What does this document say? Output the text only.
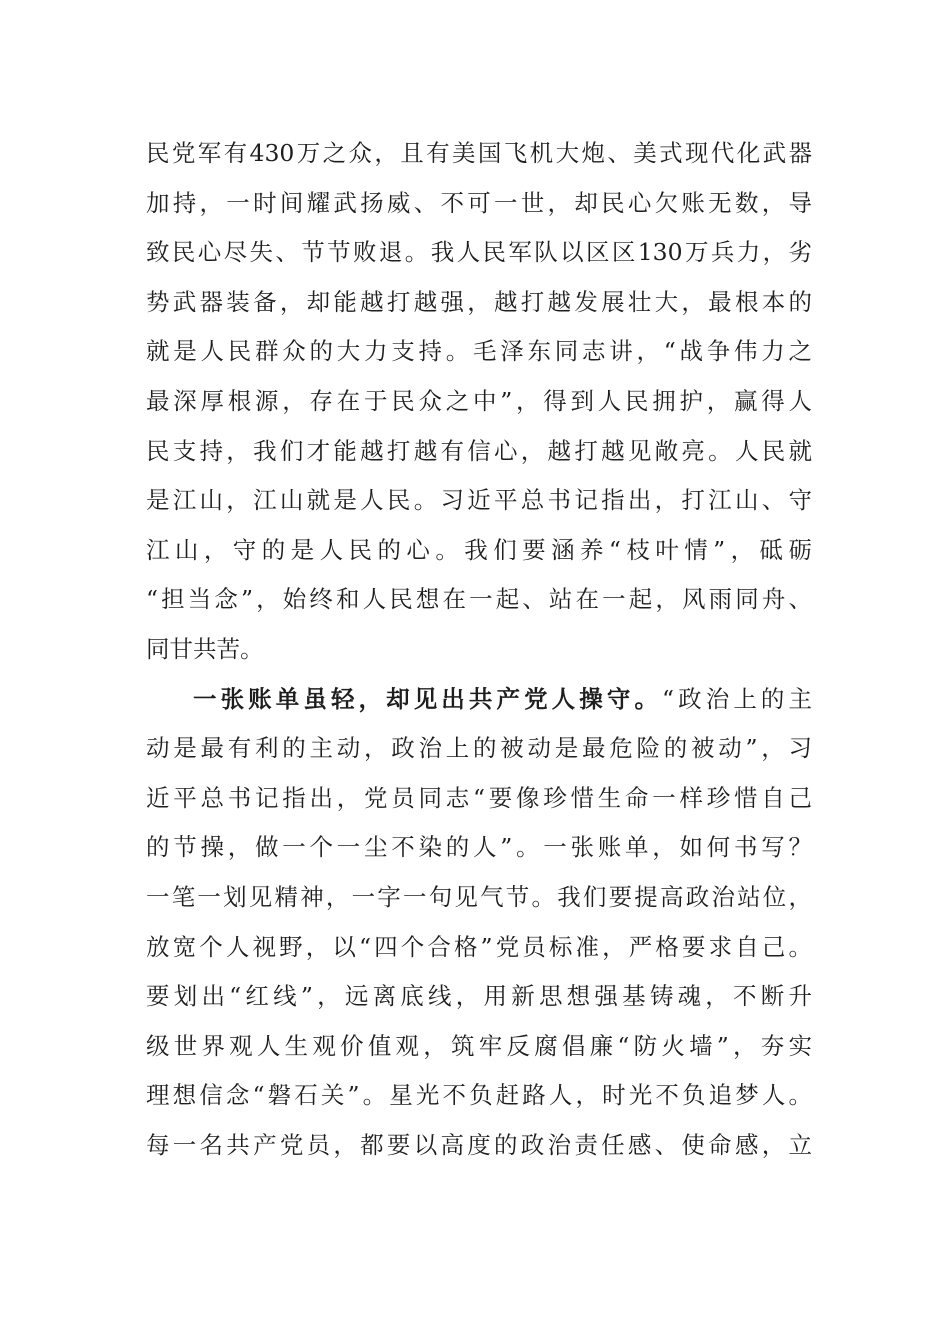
民党军有430万之众，且有美国飞机大炮、美式现代化武器
加持，一时间耀武扬威、不可一世，却民心欠账无数，导
致民心尽失、节节败退。我人民军队以区区130万兵力，劣
势武器装备，却能越打越强，越打越发展壮大，最根本的
就是人民群众的大力支持。毛泽东同志讲，“战争伟力之
最深厚根源，存在于民众之中”，得到人民拥护，赢得人
民支持，我们才能越打越有信心，越打越见敞亮。人民就
是江山，江山就是人民。习近平总书记指出，打江山、守
江山，守的是人民的心。我们要涵养“枝叶情”，砥砺
“担当念”，始终和人民想在一起、站在一起，风雨同舟、
同甘共苦。
一张账单虽轻，却见出共产党人操守。“政治上的主
动是最有利的主动，政治上的被动是最危险的被动”，习
近平总书记指出，党员同志“要像珍惜生命一样珍惜自己
的节操，做一个一尘不染的人”。一张账单，如何书写？
一笔一划见精神，一字一句见气节。我们要提高政治站位，
放宽个人视野，以“四个合格”党员标准，严格要求自己。
要划出“红线”，远离底线，用新思想强基铸魂，不断升
级世界观人生观价值观，筑牢反腐倡廉“防火墙”，夯实
理想信念“磐石关”。星光不负赶路人，时光不负追梦人。
每一名共产党员，都要以高度的政治责任感、使命感，立
